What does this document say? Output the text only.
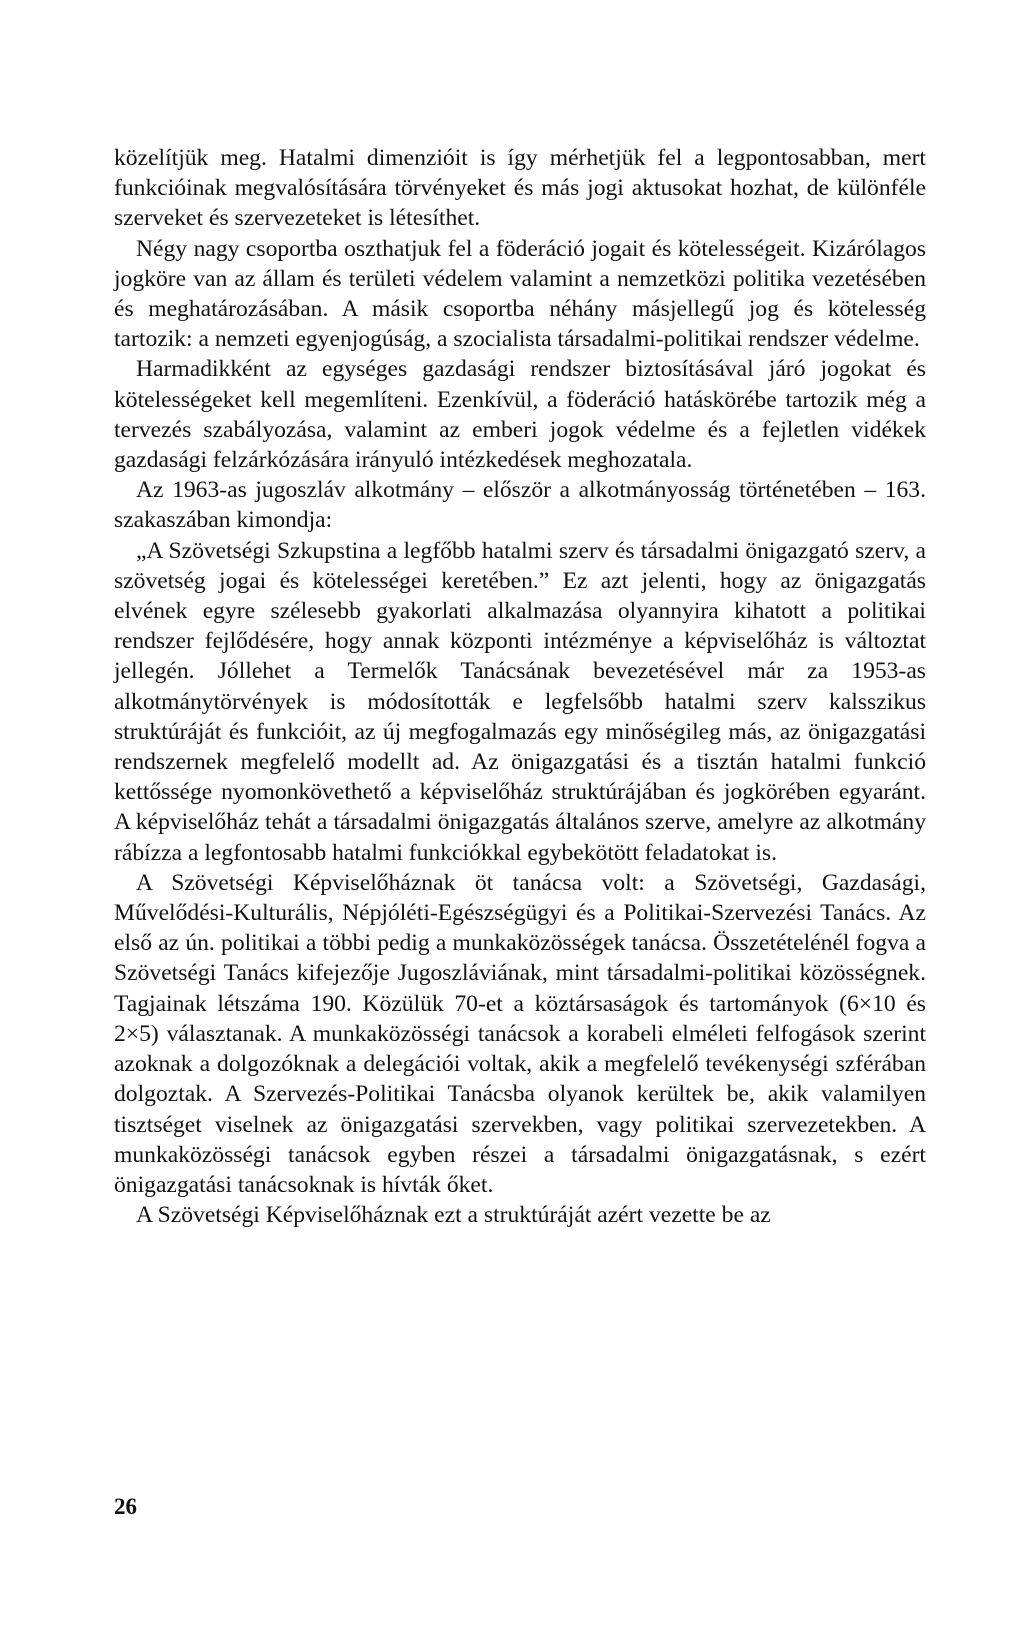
közelítjük meg. Hatalmi dimenzióit is így mérhetjük fel a legpontosabban, mert funkcióinak megvalósítására törvényeket és más jogi aktusokat hozhat, de különféle szerveket és szervezeteket is létesíthet.

Négy nagy csoportba oszthatjuk fel a föderáció jogait és kötelességeit. Kizárólagos jogköre van az állam és területi védelem valamint a nemzetközi politika vezetésében és meghatározásában. A másik csoportba néhány másjellegű jog és kötelesség tartozik: a nemzeti egyenjogúság, a szocialista társadalmi-politikai rendszer védelme.

Harmadikként az egységes gazdasági rendszer biztosításával járó jogokat és kötelességeket kell megemlíteni. Ezenkívül, a föderáció hatáskörébe tartozik még a tervezés szabályozása, valamint az emberi jogok védelme és a fejletlen vidékek gazdasági felzárkózására irányuló intézkedések meghozatala.

Az 1963-as jugoszláv alkotmány – először a alkotmányosság történetében – 163. szakaszában kimondja:

„A Szövetségi Szkupstina a legfőbb hatalmi szerv és társadalmi önigazgató szerv, a szövetség jogai és kötelességei keretében.” Ez azt jelenti, hogy az önigazgatás elvének egyre szélesebb gyakorlati alkalmazása olyannyira kihatott a politikai rendszer fejlődésére, hogy annak központi intézménye a képviselőház is változtat jellegén. Jóllehet a Termelők Tanácsának bevezetésével már za 1953-as alkotmánytörvények is módosították e legfelsőbb hatalmi szerv kalsszikus struktúráját és funkcióit, az új megfogalmazás egy minőségileg más, az önigazgatási rendszernek megfelelő modellt ad. Az önigazgatási és a tisztán hatalmi funkció kettőssége nyomonkövethető a képviselőház struktúrájában és jogkörében egyaránt. A képviselőház tehát a társadalmi önigazgatás általános szerve, amelyre az alkotmány rábízza a legfontosabb hatalmi funkciókkal egybekötött feladatokat is.

A Szövetségi Képviselőháznak öt tanácsa volt: a Szövetségi, Gazdasági, Művelődési-Kulturális, Népjóléti-Egészségügyi és a Politikai-Szervezési Tanács. Az első az ún. politikai a többi pedig a munkaközösségek tanácsa. Összetételénél fogva a Szövetségi Tanács kifejezője Jugoszláviának, mint társadalmi-politikai közösségnek. Tagjainak létszáma 190. Közülük 70-et a köztársaságok és tartományok (6×10 és 2×5) választanak. A munkaközösségi tanácsok a korabeli elméleti felfogások szerint azoknak a dolgozóknak a delegációi voltak, akik a megfelelő tevékenységi szférában dolgoztak. A Szervezés-Politikai Tanácsba olyanok kerültek be, akik valamilyen tisztséget viselnek az önigazgatási szervekben, vagy politikai szervezetekben. A munkaközösségi tanácsok egyben részei a társadalmi önigazgatásnak, s ezért önigazgatási tanácsoknak is hívták őket.

A Szövetségi Képviselőháznak ezt a struktúráját azért vezette be az

26
